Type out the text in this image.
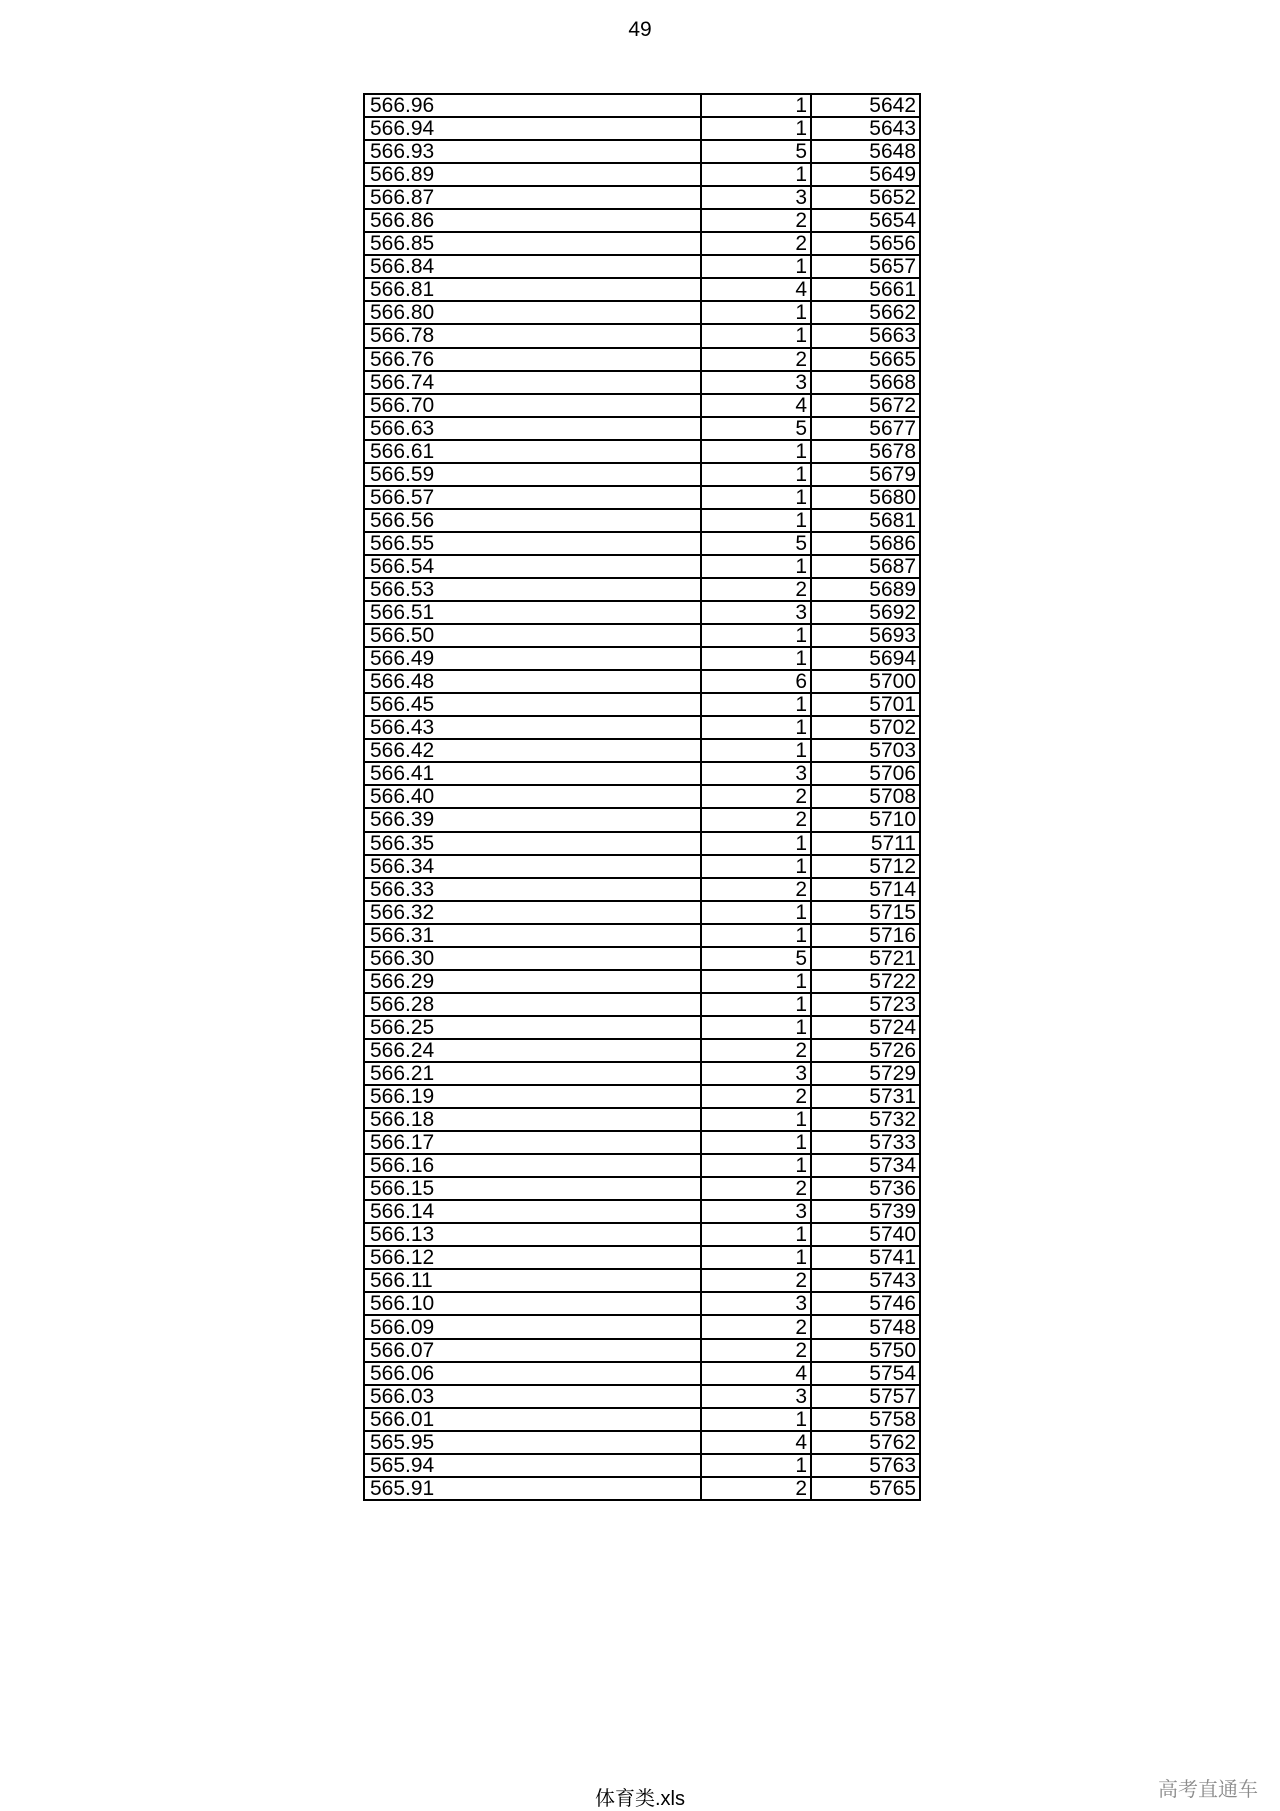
49
566.96	1	5642
566.94	1	5643
566.93	5	5648
566.89	1	5649
566.87	3	5652
566.86	2	5654
566.85	2	5656
566.84	1	5657
566.81	4	5661
566.80	1	5662
566.78	1	5663
566.76	2	5665
566.74	3	5668
566.70	4	5672
566.63	5	5677
566.61	1	5678
566.59	1	5679
566.57	1	5680
566.56	1	5681
566.55	5	5686
566.54	1	5687
566.53	2	5689
566.51	3	5692
566.50	1	5693
566.49	1	5694
566.48	6	5700
566.45	1	5701
566.43	1	5702
566.42	1	5703
566.41	3	5706
566.40	2	5708
566.39	2	5710
566.35	1	5711
566.34	1	5712
566.33	2	5714
566.32	1	5715
566.31	1	5716
566.30	5	5721
566.29	1	5722
566.28	1	5723
566.25	1	5724
566.24	2	5726
566.21	3	5729
566.19	2	5731
566.18	1	5732
566.17	1	5733
566.16	1	5734
566.15	2	5736
566.14	3	5739
566.13	1	5740
566.12	1	5741
566.11	2	5743
566.10	3	5746
566.09	2	5748
566.07	2	5750
566.06	4	5754
566.03	3	5757
566.01	1	5758
565.95	4	5762
565.94	1	5763
565.91	2	5765
体育类.xls	高考直通车
